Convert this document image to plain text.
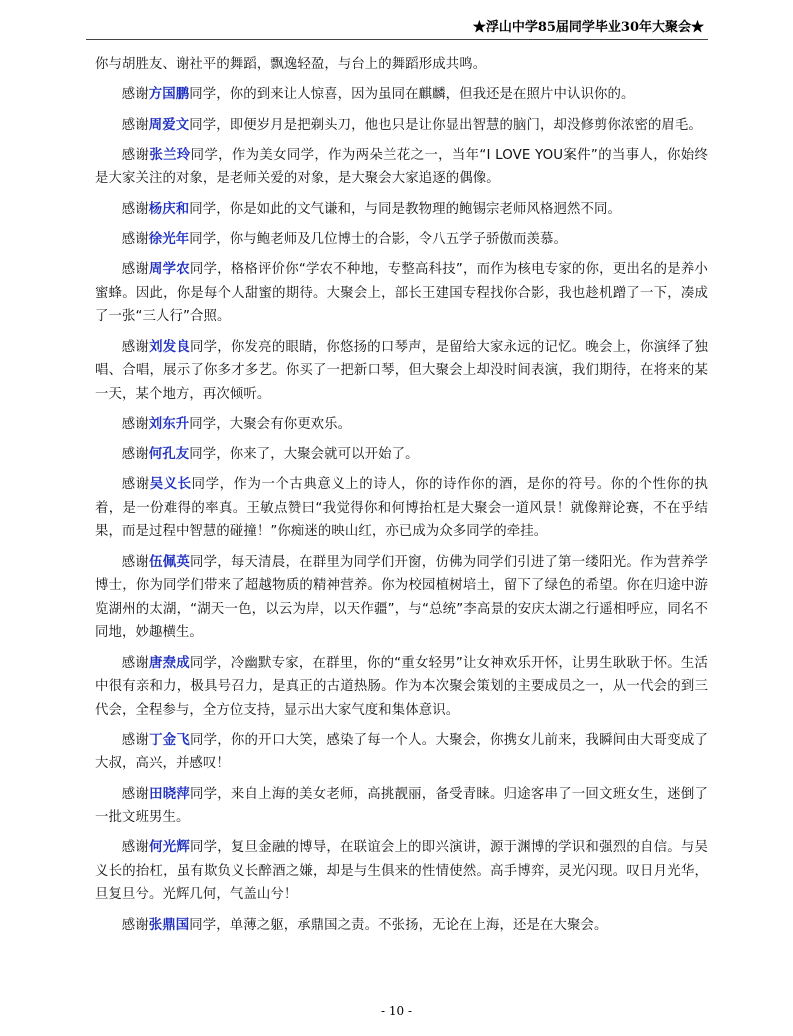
★浮山中学85届同学毕业30年大聚会★

你与胡胜友、谢社平的舞蹈，飘逸轻盈，与台上的舞蹈形成共鸣。

感谢方国鹏同学，你的到来让人惊喜，因为虽同在麒麟，但我还是在照片中认识你的。

感谢周爱文同学，即便岁月是把剃头刀，他也只是让你显出智慧的脑门，却没修剪你浓密的眉毛。

感谢张兰玲同学，作为美女同学，作为两朵兰花之一，当年“I LOVE YOU案件”的当事人，你始终是大家关注的对象，是老师关爱的对象，是大聚会大家追逐的偶像。

感谢杨庆和同学，你是如此的文气谦和，与同是教物理的鲍锡宗老师风格迥然不同。

感谢徐光年同学，你与鲍老师及几位博士的合影，令八五学子骄傲而羡慕。

感谢周学农同学，格格评价你“学农不种地，专整高科技”，而作为核电专家的你，更出名的是养小蜜蜂。因此，你是每个人甜蜜的期待。大聚会上，部长王建国专程找你合影，我也趁机蹭了一下，凑成了一张“三人行”合照。

感谢刘发良同学，你发亮的眼睛，你悠扬的口琴声，是留给大家永远的记忆。晚会上，你演绎了独唱、合唱，展示了你多才多艺。你买了一把新口琴，但大聚会上却没时间表演，我们期待，在将来的某一天，某个地方，再次倾听。

感谢刘东升同学，大聚会有你更欢乐。

感谢何孔友同学，你来了，大聚会就可以开始了。

感谢吴义长同学，作为一个古典意义上的诗人，你的诗作你的酒，是你的符号。你的个性你的执着，是一份难得的率真。王敏点赞曰“我觉得你和何博抬杠是大聚会一道风景！就像辩论赛，不在乎结果，而是过程中智慧的碰撞！”你痴迷的映山红，亦已成为众多同学的牵挂。

感谢伍佩英同学，每天清晨，在群里为同学们开窗，仿佛为同学们引进了第一缕阳光。作为营养学博士，你为同学们带来了超越物质的精神营养。你为校园植树培土，留下了绿色的希望。你在归途中游览湖州的太湖，“湖天一色，以云为岸，以天作疆”，与“总统”李高景的安庆太湖之行遥相呼应，同名不同地，妙趣横生。

感谢唐焘成同学，冷幽默专家，在群里，你的“重女轻男”让女神欢乐开怀，让男生耿耿于怀。生活中很有亲和力，极具号召力，是真正的古道热肠。作为本次聚会策划的主要成员之一，从一代会的到三代会，全程参与，全方位支持，显示出大家气度和集体意识。

感谢丁金飞同学，你的开口大笑，感染了每一个人。大聚会，你携女儿前来，我瞬间由大哥变成了大叔，高兴，并感叹！

感谢田晓萍同学，来自上海的美女老师，高挑靓丽，备受青睐。归途客串了一回文班女生，迷倒了一批文班男生。

感谢何光辉同学，复旦金融的博导，在联谊会上的即兴演讲，源于渊博的学识和强烈的自信。与吴义长的抬杠，虽有欺负义长醉酒之嫌，却是与生俱来的性情使然。高手博弈，灵光闪现。叹日月光华，旦复旦兮。光辉几何，气盖山兮！

感谢张鼎国同学，单薄之躯，承鼎国之责。不张扬，无论在上海，还是在大聚会。

- 10 -
